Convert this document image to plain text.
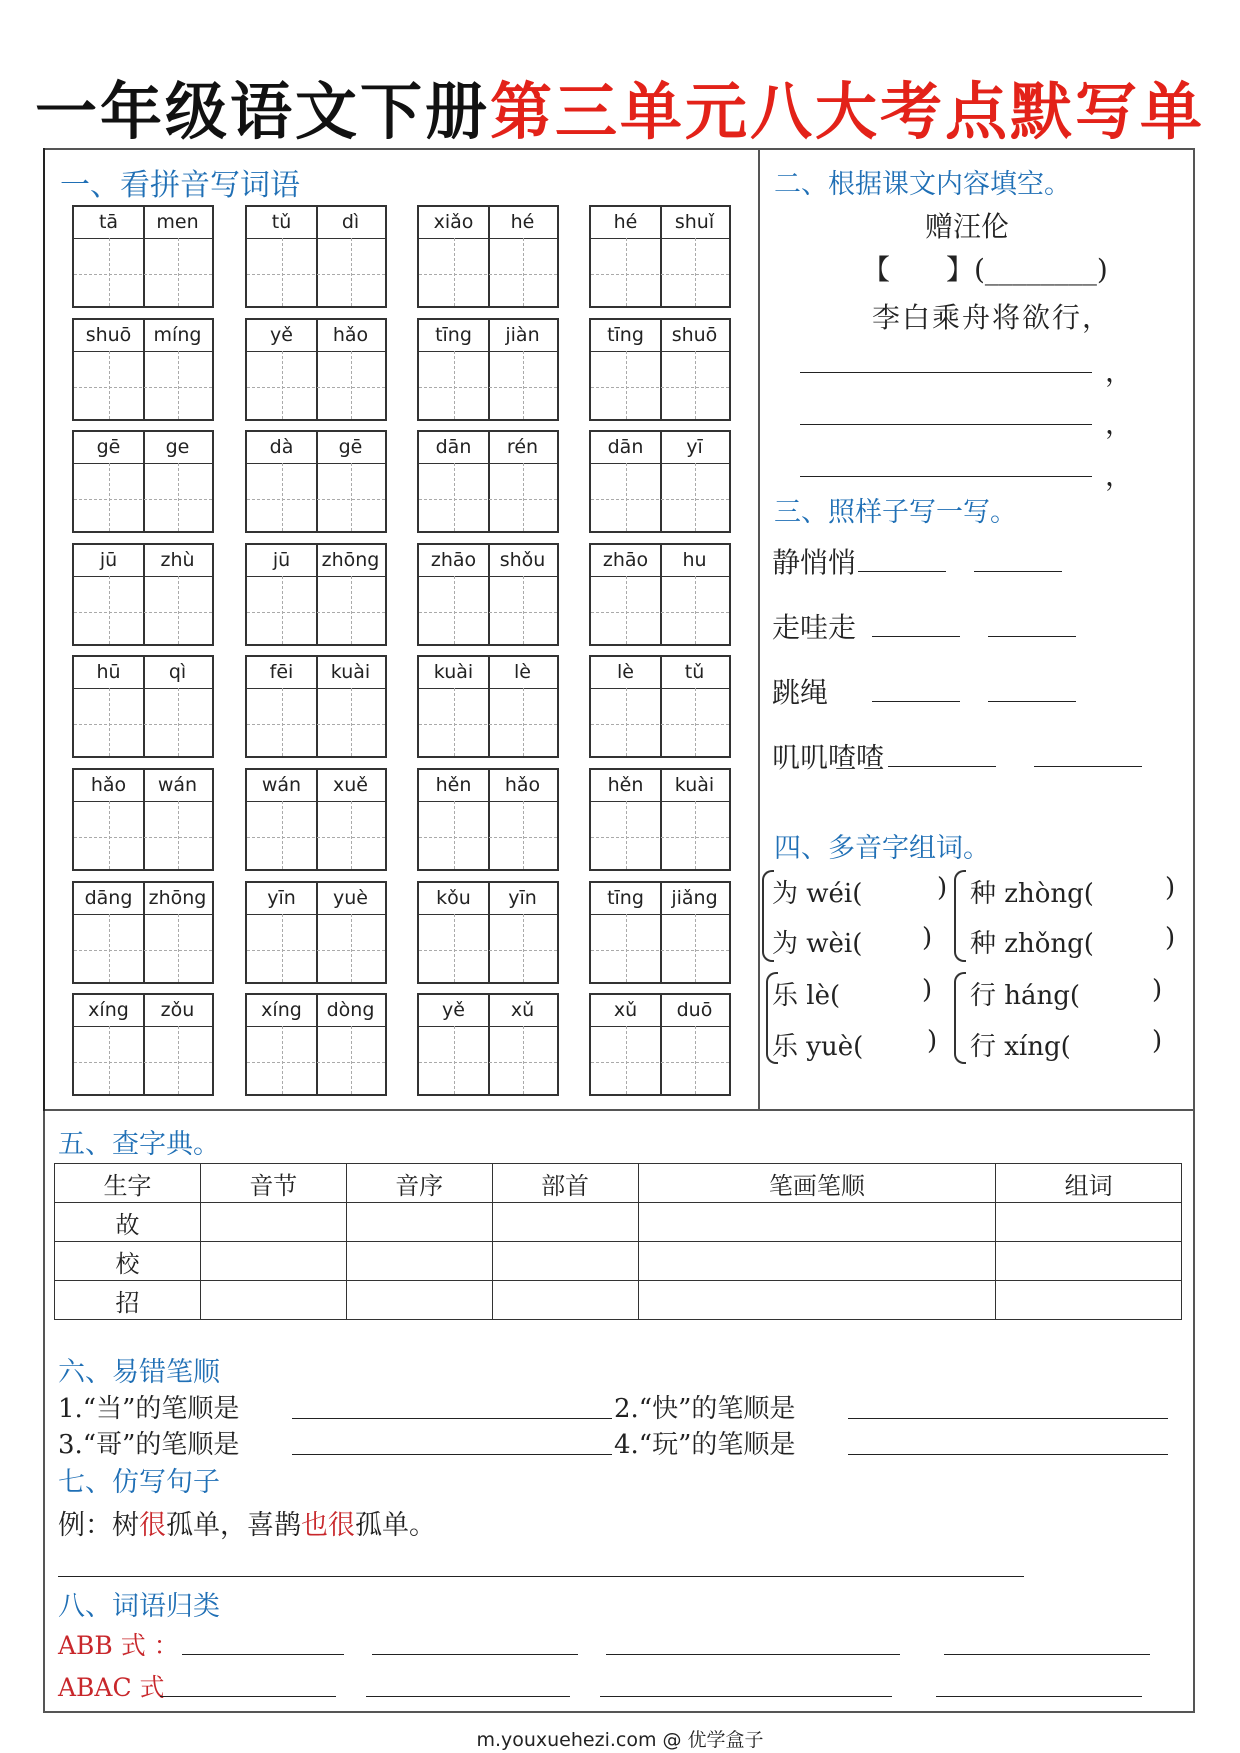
一年级语文下册第三单元八大考点默写单
一、看拼音写词语
tā	men	tǔ	dì	xiǎo	hé	hé	shuǐ
shuō	míng	yě	hǎo	tīng	jiàn	tīng	shuō
gē	ge	dà	gē	dān	rén	dān	yī
jū	zhù	jū	zhōng	zhāo	shǒu	zhāo	hu
hū	qì	fēi	kuài	kuài	lè	lè	tǔ
hǎo	wán	wán	xuě	hěn	hǎo	hěn	kuài
dāng zhōng	yīn	yuè	kǒu	yīn	tīng	jiǎng
xíng	zǒu	xíng	dòng	yě	xǔ	xǔ	duō
二、根据课文内容填空。
赠汪伦
【　　】(________)
李白乘舟将欲行，
，
，
，
三、照样子写一写。
静悄悄
走哇走
跳绳
叽叽喳喳
四、多音字组词。
为 wéi(	)
为 wèi( )
乐 lè(	)
乐 yuè( )
种 zhòng(	)
种 zhǒng(	)
行 háng(	)
行 xíng(	)
五、查字典。
生字	音节	音序	部首	笔画笔顺	组词
故					
校					
招					
六、易错笔顺
1.“当”的笔顺是	2.“快”的笔顺是
3.“哥”的笔顺是	4.“玩”的笔顺是
七、仿写句子
例：树很孤单，喜鹊也很孤单。
八、词语归类
ABB 式 ：
ABAC 式
m.youxuehezi.com @ 优学盒子
